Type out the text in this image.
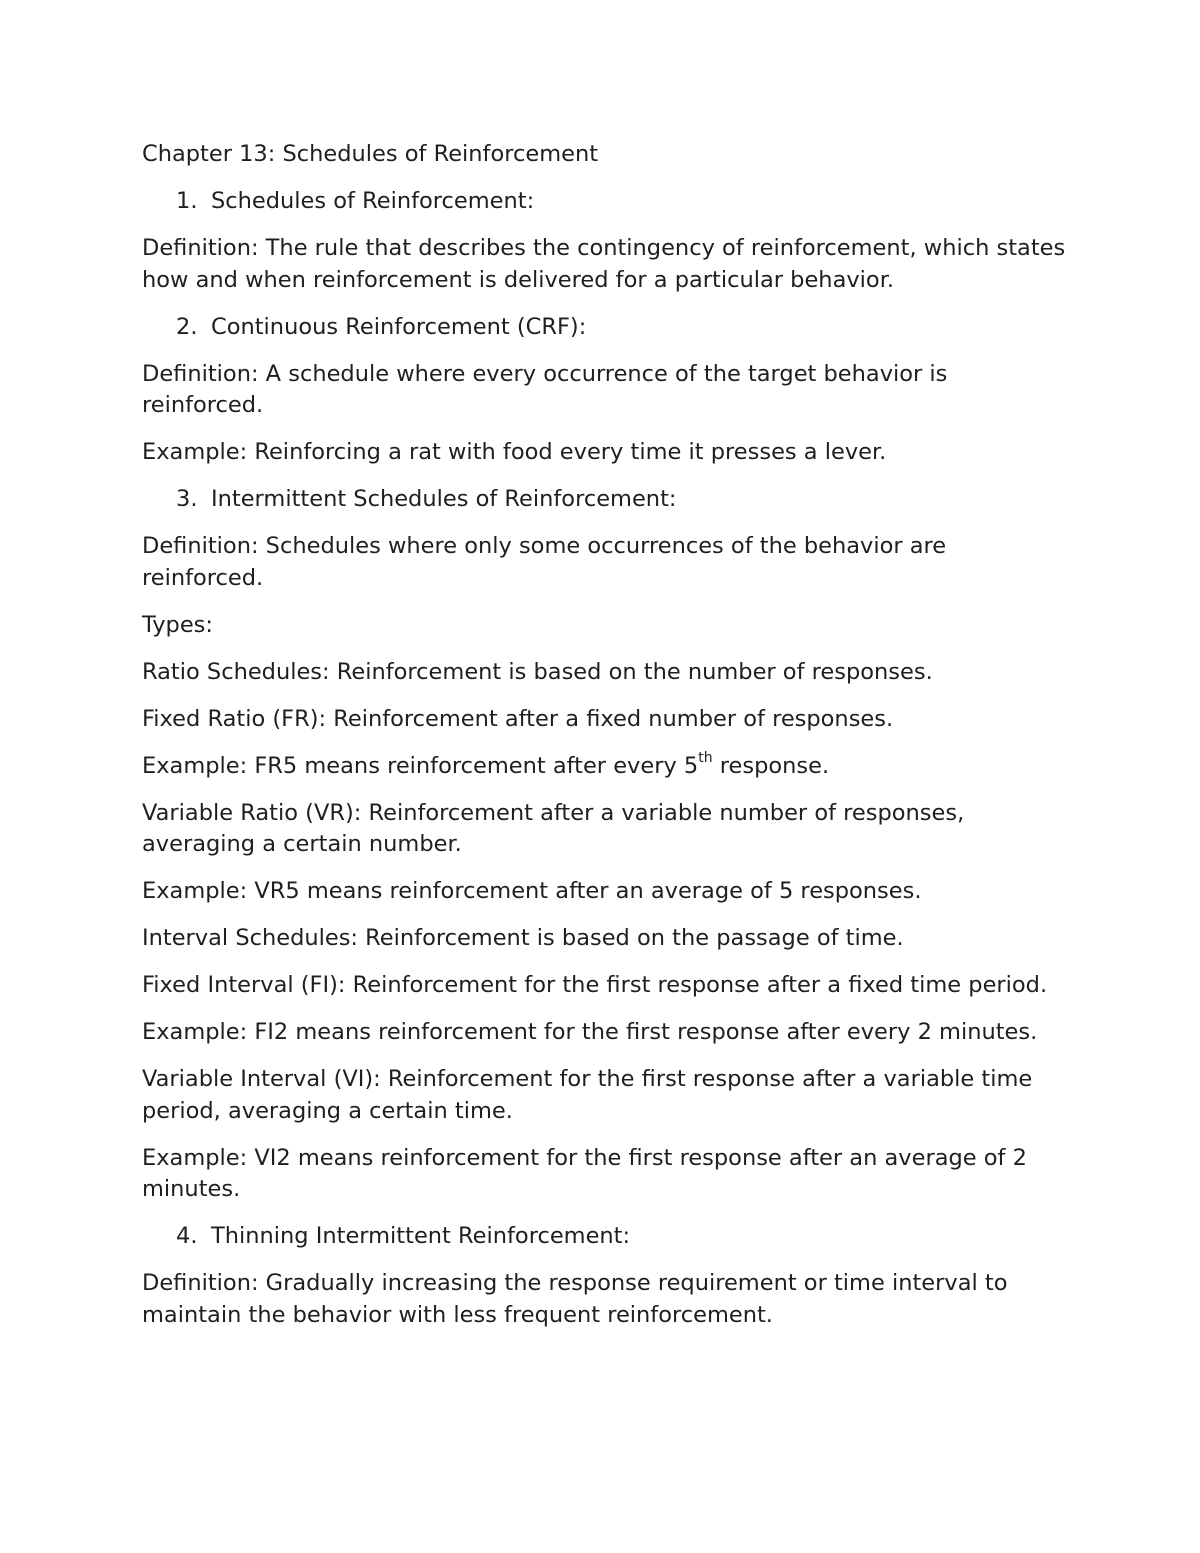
Chapter 13: Schedules of Reinforcement

1. Schedules of Reinforcement:

Definition: The rule that describes the contingency of reinforcement, which states how and when reinforcement is delivered for a particular behavior.

2. Continuous Reinforcement (CRF):

Definition: A schedule where every occurrence of the target behavior is reinforced.

Example: Reinforcing a rat with food every time it presses a lever.

3. Intermittent Schedules of Reinforcement:

Definition: Schedules where only some occurrences of the behavior are reinforced.

Types:

Ratio Schedules: Reinforcement is based on the number of responses.

Fixed Ratio (FR): Reinforcement after a fixed number of responses.

Example: FR5 means reinforcement after every 5th response.

Variable Ratio (VR): Reinforcement after a variable number of responses, averaging a certain number.

Example: VR5 means reinforcement after an average of 5 responses.

Interval Schedules: Reinforcement is based on the passage of time.

Fixed Interval (FI): Reinforcement for the first response after a fixed time period.

Example: FI2 means reinforcement for the first response after every 2 minutes.

Variable Interval (VI): Reinforcement for the first response after a variable time period, averaging a certain time.

Example: VI2 means reinforcement for the first response after an average of 2 minutes.

4. Thinning Intermittent Reinforcement:

Definition: Gradually increasing the response requirement or time interval to maintain the behavior with less frequent reinforcement.
